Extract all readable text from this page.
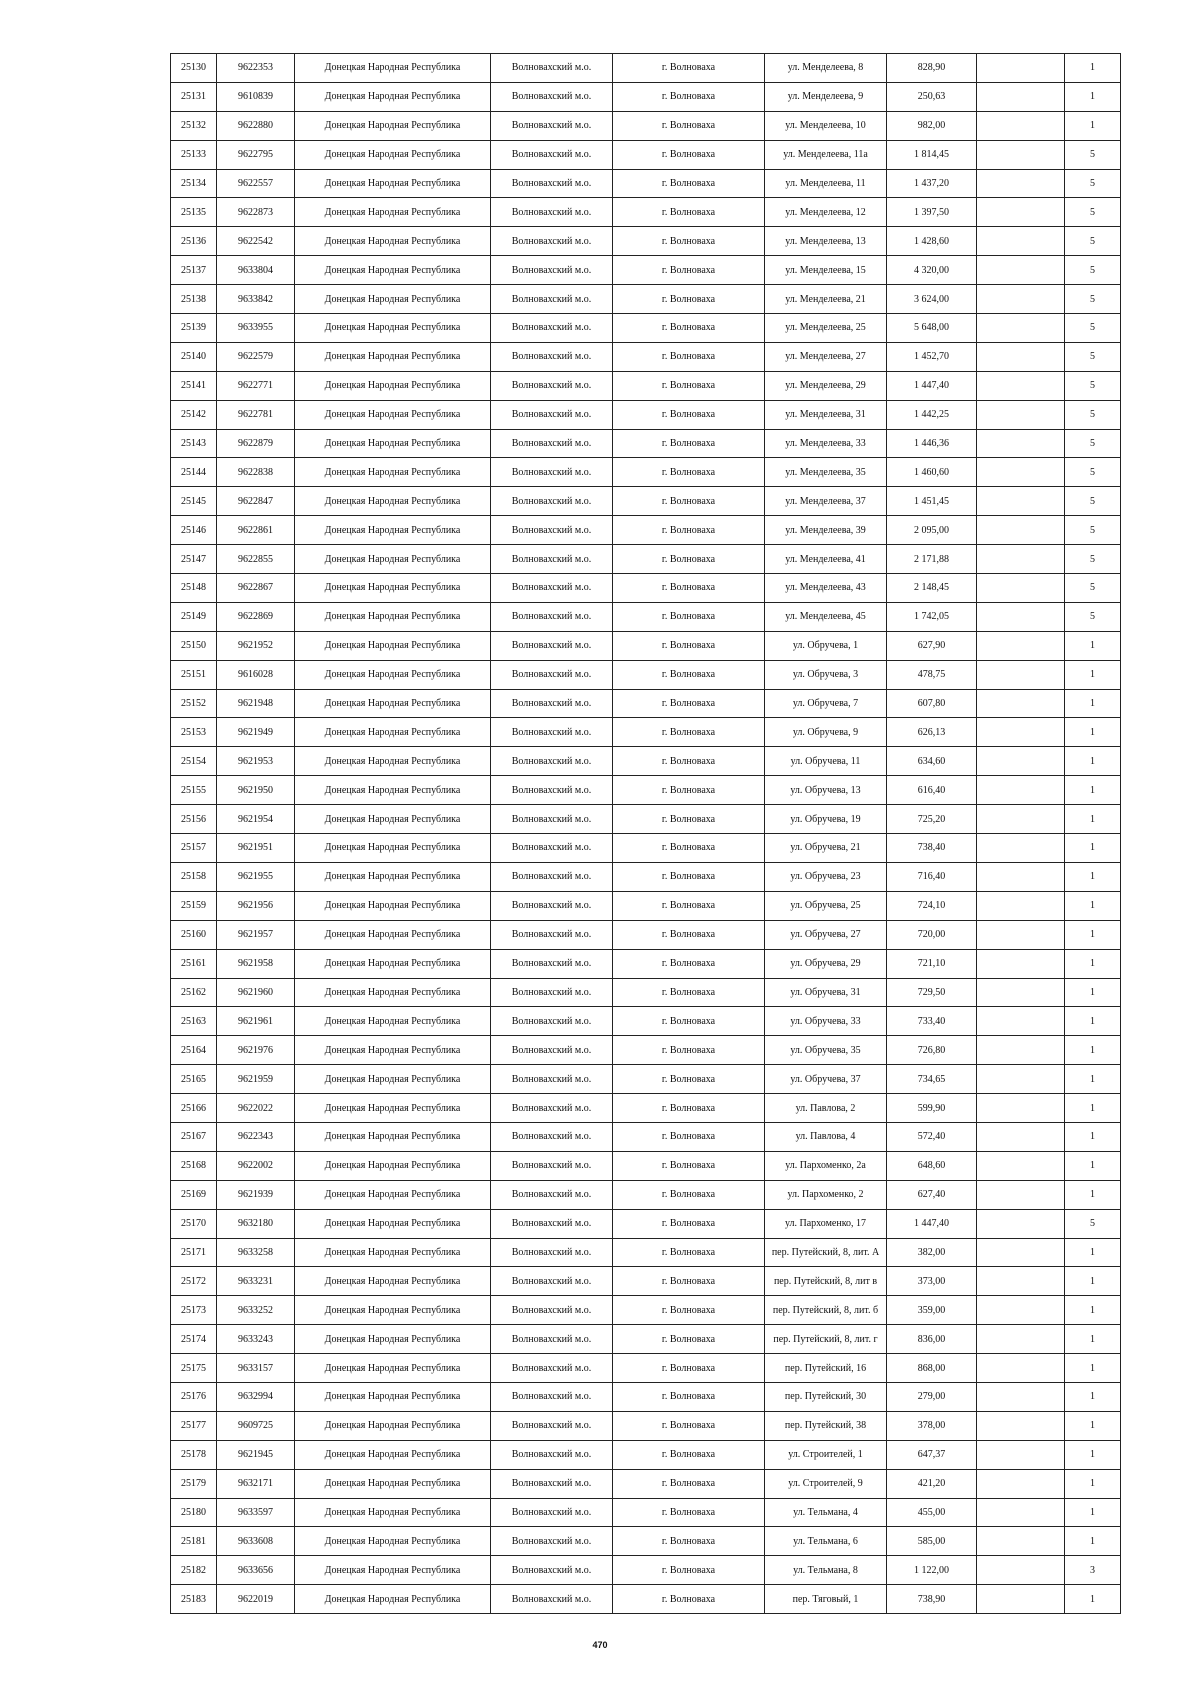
25130	9622353	Донецкая Народная Республика	Волновахский м.о.	г. Волноваха	ул. Менделеева, 8	828,90		1
25131	9610839	Донецкая Народная Республика	Волновахский м.о.	г. Волноваха	ул. Менделеева, 9	250,63		1
25132	9622880	Донецкая Народная Республика	Волновахский м.о.	г. Волноваха	ул. Менделеева, 10	982,00		1
25133	9622795	Донецкая Народная Республика	Волновахский м.о.	г. Волноваха	ул. Менделеева, 11а	1 814,45		5
25134	9622557	Донецкая Народная Республика	Волновахский м.о.	г. Волноваха	ул. Менделеева, 11	1 437,20		5
25135	9622873	Донецкая Народная Республика	Волновахский м.о.	г. Волноваха	ул. Менделеева, 12	1 397,50		5
25136	9622542	Донецкая Народная Республика	Волновахский м.о.	г. Волноваха	ул. Менделеева, 13	1 428,60		5
25137	9633804	Донецкая Народная Республика	Волновахский м.о.	г. Волноваха	ул. Менделеева, 15	4 320,00		5
25138	9633842	Донецкая Народная Республика	Волновахский м.о.	г. Волноваха	ул. Менделеева, 21	3 624,00		5
25139	9633955	Донецкая Народная Республика	Волновахский м.о.	г. Волноваха	ул. Менделеева, 25	5 648,00		5
25140	9622579	Донецкая Народная Республика	Волновахский м.о.	г. Волноваха	ул. Менделеева, 27	1 452,70		5
25141	9622771	Донецкая Народная Республика	Волновахский м.о.	г. Волноваха	ул. Менделеева, 29	1 447,40		5
25142	9622781	Донецкая Народная Республика	Волновахский м.о.	г. Волноваха	ул. Менделеева, 31	1 442,25		5
25143	9622879	Донецкая Народная Республика	Волновахский м.о.	г. Волноваха	ул. Менделеева, 33	1 446,36		5
25144	9622838	Донецкая Народная Республика	Волновахский м.о.	г. Волноваха	ул. Менделеева, 35	1 460,60		5
25145	9622847	Донецкая Народная Республика	Волновахский м.о.	г. Волноваха	ул. Менделеева, 37	1 451,45		5
25146	9622861	Донецкая Народная Республика	Волновахский м.о.	г. Волноваха	ул. Менделеева, 39	2 095,00		5
25147	9622855	Донецкая Народная Республика	Волновахский м.о.	г. Волноваха	ул. Менделеева, 41	2 171,88		5
25148	9622867	Донецкая Народная Республика	Волновахский м.о.	г. Волноваха	ул. Менделеева, 43	2 148,45		5
25149	9622869	Донецкая Народная Республика	Волновахский м.о.	г. Волноваха	ул. Менделеева, 45	1 742,05		5
25150	9621952	Донецкая Народная Республика	Волновахский м.о.	г. Волноваха	ул. Обручева, 1	627,90		1
25151	9616028	Донецкая Народная Республика	Волновахский м.о.	г. Волноваха	ул. Обручева, 3	478,75		1
25152	9621948	Донецкая Народная Республика	Волновахский м.о.	г. Волноваха	ул. Обручева, 7	607,80		1
25153	9621949	Донецкая Народная Республика	Волновахский м.о.	г. Волноваха	ул. Обручева, 9	626,13		1
25154	9621953	Донецкая Народная Республика	Волновахский м.о.	г. Волноваха	ул. Обручева, 11	634,60		1
25155	9621950	Донецкая Народная Республика	Волновахский м.о.	г. Волноваха	ул. Обручева, 13	616,40		1
25156	9621954	Донецкая Народная Республика	Волновахский м.о.	г. Волноваха	ул. Обручева, 19	725,20		1
25157	9621951	Донецкая Народная Республика	Волновахский м.о.	г. Волноваха	ул. Обручева, 21	738,40		1
25158	9621955	Донецкая Народная Республика	Волновахский м.о.	г. Волноваха	ул. Обручева, 23	716,40		1
25159	9621956	Донецкая Народная Республика	Волновахский м.о.	г. Волноваха	ул. Обручева, 25	724,10		1
25160	9621957	Донецкая Народная Республика	Волновахский м.о.	г. Волноваха	ул. Обручева, 27	720,00		1
25161	9621958	Донецкая Народная Республика	Волновахский м.о.	г. Волноваха	ул. Обручева, 29	721,10		1
25162	9621960	Донецкая Народная Республика	Волновахский м.о.	г. Волноваха	ул. Обручева, 31	729,50		1
25163	9621961	Донецкая Народная Республика	Волновахский м.о.	г. Волноваха	ул. Обручева, 33	733,40		1
25164	9621976	Донецкая Народная Республика	Волновахский м.о.	г. Волноваха	ул. Обручева, 35	726,80		1
25165	9621959	Донецкая Народная Республика	Волновахский м.о.	г. Волноваха	ул. Обручева, 37	734,65		1
25166	9622022	Донецкая Народная Республика	Волновахский м.о.	г. Волноваха	ул. Павлова, 2	599,90		1
25167	9622343	Донецкая Народная Республика	Волновахский м.о.	г. Волноваха	ул. Павлова, 4	572,40		1
25168	9622002	Донецкая Народная Республика	Волновахский м.о.	г. Волноваха	ул. Пархоменко, 2а	648,60		1
25169	9621939	Донецкая Народная Республика	Волновахский м.о.	г. Волноваха	ул. Пархоменко, 2	627,40		1
25170	9632180	Донецкая Народная Республика	Волновахский м.о.	г. Волноваха	ул. Пархоменко, 17	1 447,40		5
25171	9633258	Донецкая Народная Республика	Волновахский м.о.	г. Волноваха	пер. Путейский, 8, лит. А	382,00		1
25172	9633231	Донецкая Народная Республика	Волновахский м.о.	г. Волноваха	пер. Путейский, 8, лит в	373,00		1
25173	9633252	Донецкая Народная Республика	Волновахский м.о.	г. Волноваха	пер. Путейский, 8, лит. б	359,00		1
25174	9633243	Донецкая Народная Республика	Волновахский м.о.	г. Волноваха	пер. Путейский, 8, лит. г	836,00		1
25175	9633157	Донецкая Народная Республика	Волновахский м.о.	г. Волноваха	пер. Путейский, 16	868,00		1
25176	9632994	Донецкая Народная Республика	Волновахский м.о.	г. Волноваха	пер. Путейский, 30	279,00		1
25177	9609725	Донецкая Народная Республика	Волновахский м.о.	г. Волноваха	пер. Путейский, 38	378,00		1
25178	9621945	Донецкая Народная Республика	Волновахский м.о.	г. Волноваха	ул. Строителей, 1	647,37		1
25179	9632171	Донецкая Народная Республика	Волновахский м.о.	г. Волноваха	ул. Строителей, 9	421,20		1
25180	9633597	Донецкая Народная Республика	Волновахский м.о.	г. Волноваха	ул. Тельмана, 4	455,00		1
25181	9633608	Донецкая Народная Республика	Волновахский м.о.	г. Волноваха	ул. Тельмана, 6	585,00		1
25182	9633656	Донецкая Народная Республика	Волновахский м.о.	г. Волноваха	ул. Тельмана, 8	1 122,00		3
25183	9622019	Донецкая Народная Республика	Волновахский м.о.	г. Волноваха	пер. Тяговый, 1	738,90		1
470
